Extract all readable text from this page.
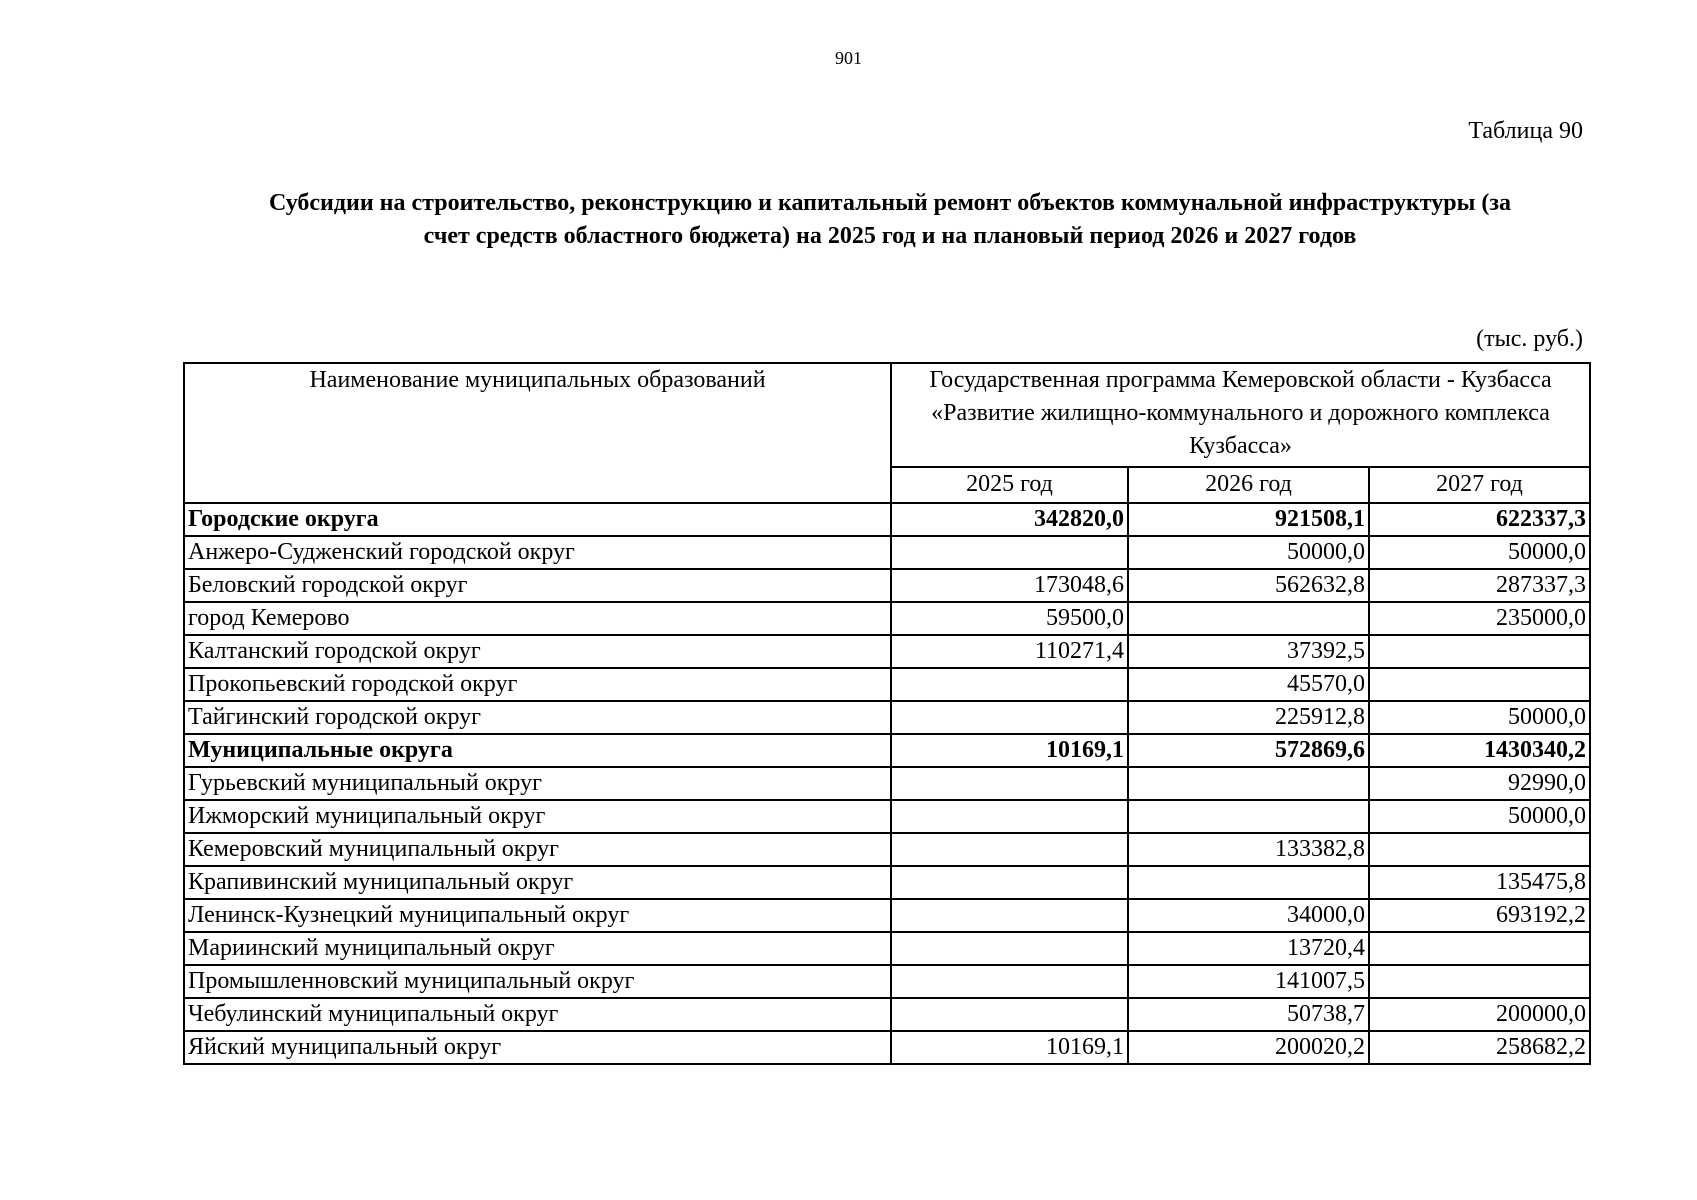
901
Таблица 90
Субсидии на строительство, реконструкцию и капитальный ремонт объектов коммунальной инфраструктуры (за
счет средств областного бюджета) на 2025 год и на плановый период 2026 и 2027 годов
(тыс. руб.)
Наименование муниципальных образований	Государственная программа Кемеровской области - Кузбасса «Развитие жилищно-коммунального и дорожного комплекса Кузбасса»		
	2025 год	2026 год	2027 год
Городские округа	342820,0	921508,1	622337,3
Анжеро-Судженский городской округ		50000,0	50000,0
Беловский городской округ	173048,6	562632,8	287337,3
город Кемерово	59500,0		235000,0
Калтанский городской округ	110271,4	37392,5	
Прокопьевский городской округ		45570,0	
Тайгинский городской округ		225912,8	50000,0
Муниципальные округа	10169,1	572869,6	1430340,2
Гурьевский муниципальный округ			92990,0
Ижморский муниципальный округ			50000,0
Кемеровский муниципальный округ		133382,8	
Крапивинский муниципальный округ			135475,8
Ленинск-Кузнецкий муниципальный округ		34000,0	693192,2
Мариинский муниципальный округ		13720,4	
Промышленновский муниципальный округ		141007,5	
Чебулинский муниципальный округ		50738,7	200000,0
Яйский муниципальный округ	10169,1	200020,2	258682,2
